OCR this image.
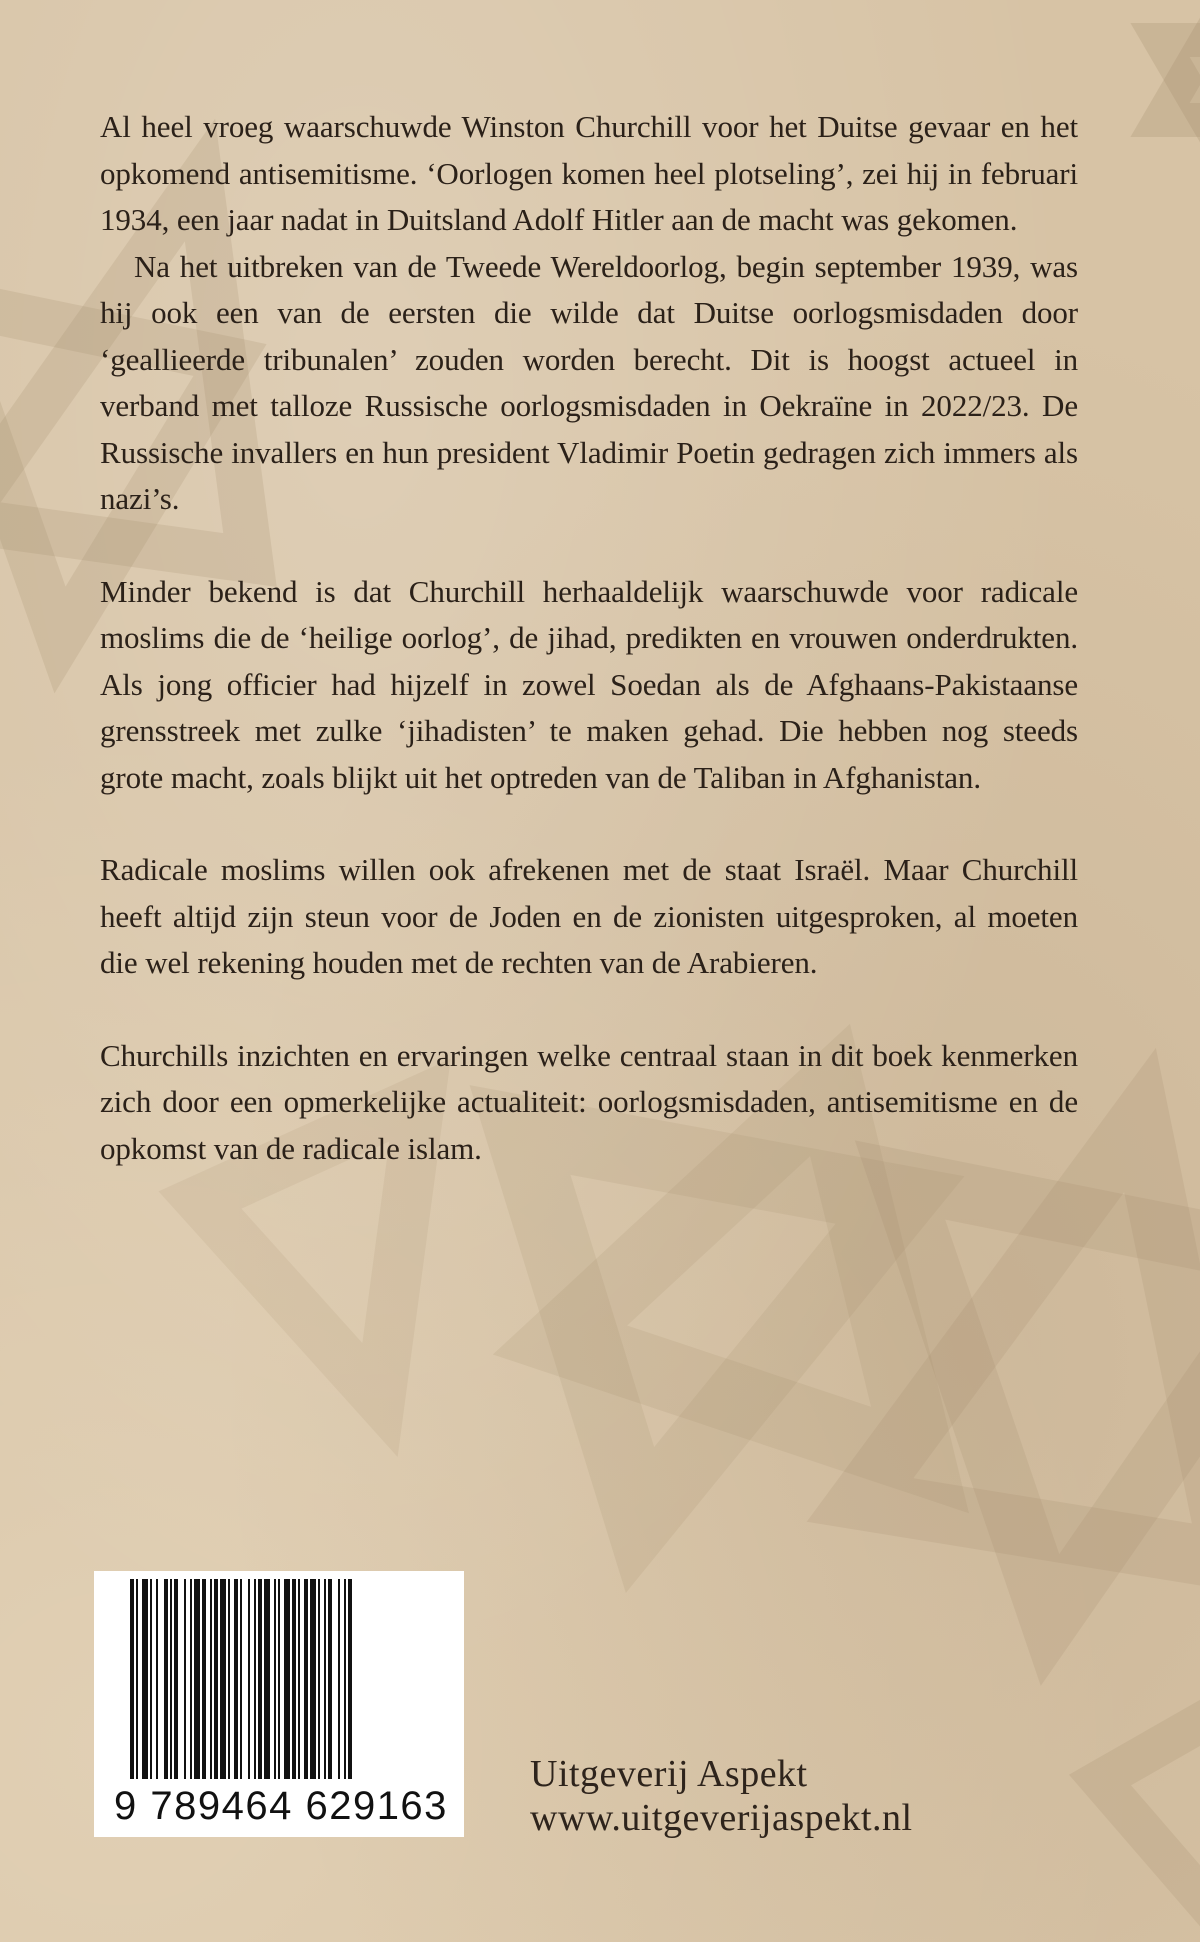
Al heel vroeg waarschuwde Winston Churchill voor het Duitse gevaar en het opkomend antisemitisme. ‘Oorlogen komen heel plotseling’, zei hij in februari 1934, een jaar nadat in Duitsland Adolf Hitler aan de macht was gekomen.

Na het uitbreken van de Tweede Wereldoorlog, begin september 1939, was hij ook een van de eersten die wilde dat Duitse oorlogsmisdaden door ‘geallieerde tribunalen’ zouden worden berecht. Dit is hoogst actueel in verband met talloze Russische oorlogsmisdaden in Oekraïne in 2022/23. De Russische invallers en hun president Vladimir Poetin gedragen zich immers als nazi’s.

Minder bekend is dat Churchill herhaaldelijk waarschuwde voor radicale moslims die de ‘heilige oorlog’, de jihad, predikten en vrouwen onderdrukten. Als jong officier had hijzelf in zowel Soedan als de Afghaans-Pakistaanse grensstreek met zulke ‘jihadisten’ te maken gehad. Die hebben nog steeds grote macht, zoals blijkt uit het optreden van de Taliban in Afghanistan.

Radicale moslims willen ook afrekenen met de staat Israël. Maar Churchill heeft altijd zijn steun voor de Joden en de zionisten uitgesproken, al moeten die wel rekening houden met de rechten van de Arabieren.

Churchills inzichten en ervaringen welke centraal staan in dit boek kenmerken zich door een opmerkelijke actualiteit: oorlogsmisdaden, antisemitisme en de opkomst van de radicale islam.

9 789464 629163
Uitgeverij Aspekt
www.uitgeverijaspekt.nl
